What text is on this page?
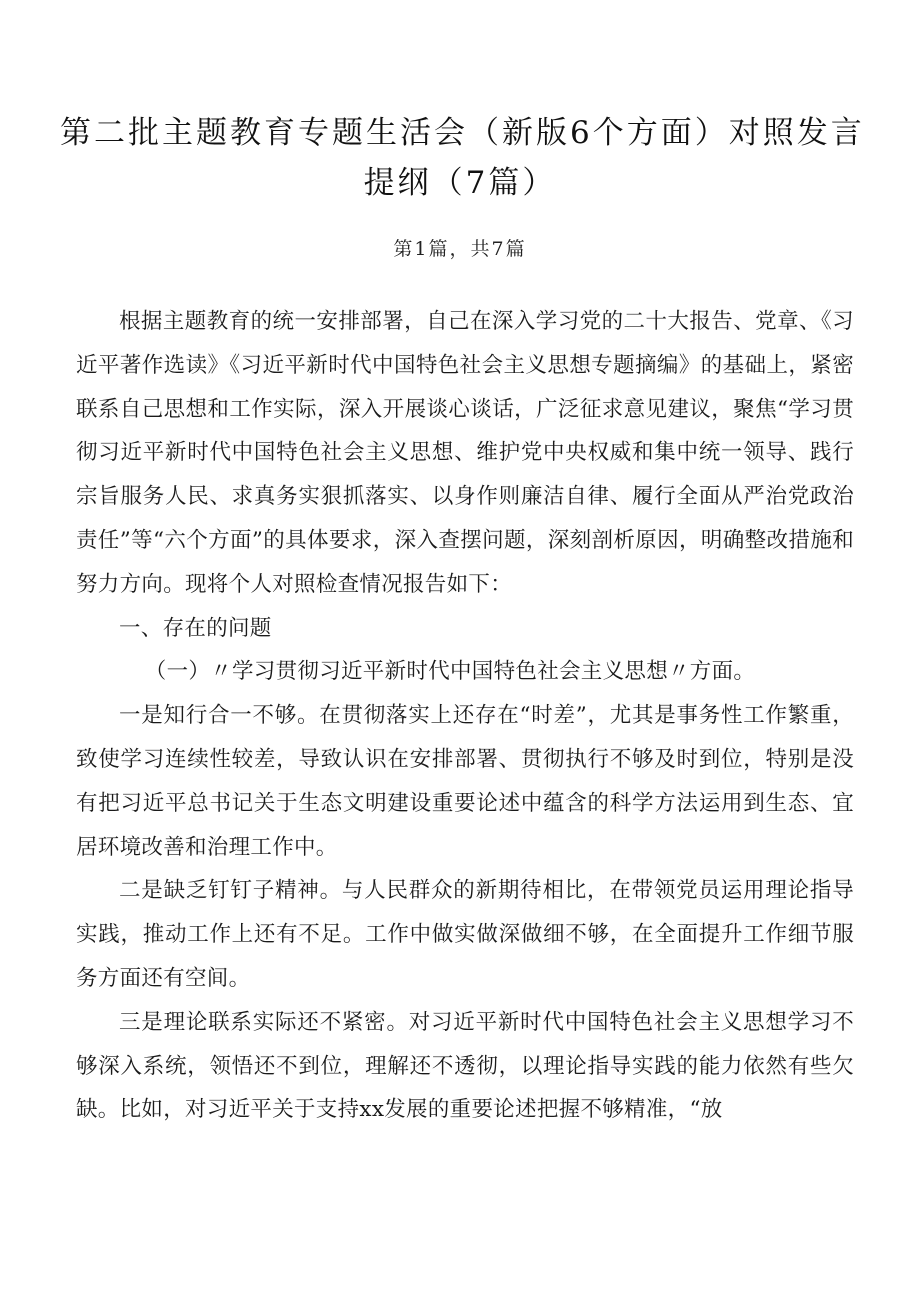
第二批主题教育专题生活会（新版6个方面）对照发言
提纲（7篇）
第1篇，共7篇

根据主题教育的统一安排部署，自己在深入学习党的二十大报告、党章、《习近平著作选读》《习近平新时代中国特色社会主义思想专题摘编》的基础上，紧密联系自己思想和工作实际，深入开展谈心谈话，广泛征求意见建议，聚焦“学习贯彻习近平新时代中国特色社会主义思想、维护党中央权威和集中统一领导、践行宗旨服务人民、求真务实狠抓落实、以身作则廉洁自律、履行全面从严治党政治责任”等“六个方面”的具体要求，深入查摆问题，深刻剖析原因，明确整改措施和努力方向。现将个人对照检查情况报告如下：

一、存在的问题

（一）〃学习贯彻习近平新时代中国特色社会主义思想〃方面。

一是知行合一不够。在贯彻落实上还存在“时差”，尤其是事务性工作繁重，致使学习连续性较差，导致认识在安排部署、贯彻执行不够及时到位，特别是没有把习近平总书记关于生态文明建设重要论述中蕴含的科学方法运用到生态、宜居环境改善和治理工作中。

二是缺乏钉钉子精神。与人民群众的新期待相比，在带领党员运用理论指导实践，推动工作上还有不足。工作中做实做深做细不够，在全面提升工作细节服务方面还有空间。

三是理论联系实际还不紧密。对习近平新时代中国特色社会主义思想学习不够深入系统，领悟还不到位，理解还不透彻，以理论指导实践的能力依然有些欠缺。比如，对习近平关于支持xx发展的重要论述把握不够精准，“放
